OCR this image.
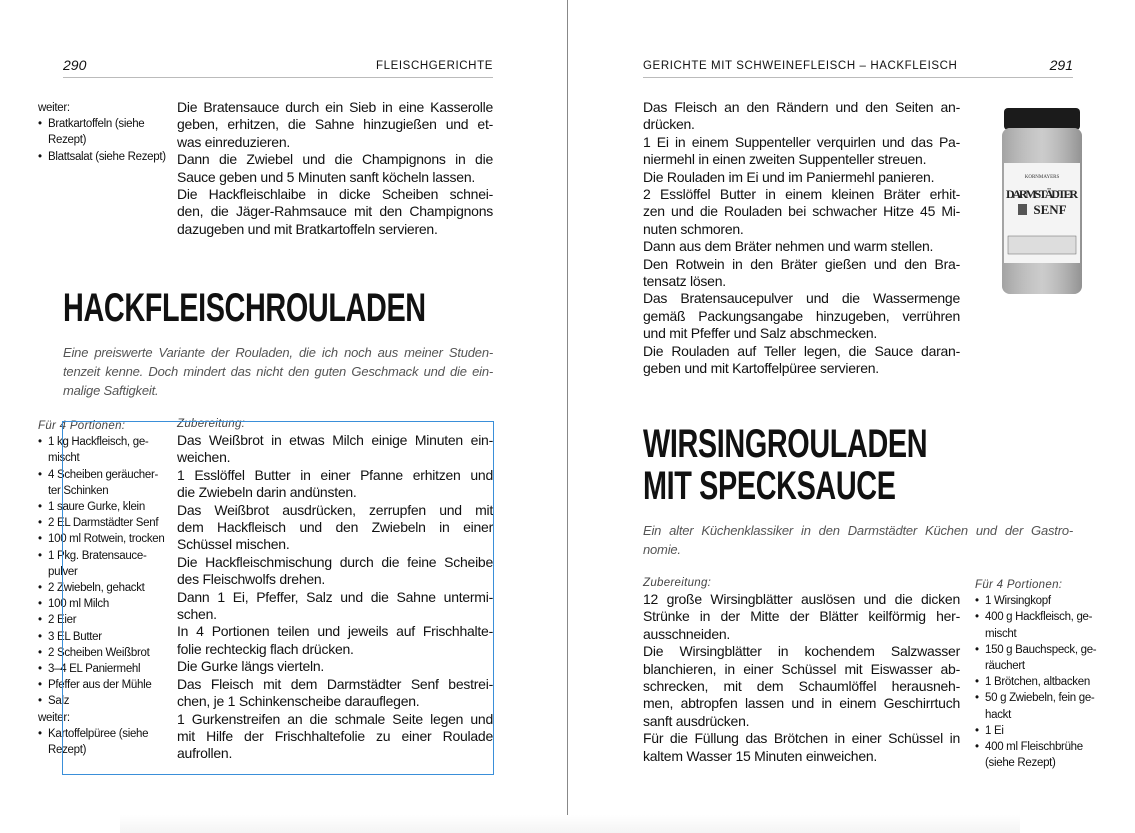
290	FLEISCHGERICHTE
weiter:
• Bratkartoffeln (siehe
Rezept)
• Blattsalat (siehe Rezept)
Die Bratensauce durch ein Sieb in eine Kasserolle
geben, erhitzen, die Sahne hinzugießen und et-
was einreduzieren.
Dann die Zwiebel und die Champignons in die
Sauce geben und 5 Minuten sanft köcheln lassen.
Die Hackfleischlaibe in dicke Scheiben schnei-
den, die Jäger-Rahmsauce mit den Champignons
dazugeben und mit Bratkartoffeln servieren.
HACKFLEISCHROULADEN
Eine preiswerte Variante der Rouladen, die ich noch aus meiner Studen-
tenzeit kenne. Doch mindert das nicht den guten Geschmack und die ein-
malige Saftigkeit.
Für 4 Portionen:
• 1 kg Hackfleisch, ge-
mischt
• 4 Scheiben geräucher-
ter Schinken
• 1 saure Gurke, klein
• 2 EL Darmstädter Senf
• 100 ml Rotwein, trocken
• 1 Pkg. Bratensauce-
pulver
• 2 Zwiebeln, gehackt
• 100 ml Milch
• 2 Eier
• 3 EL Butter
• 2 Scheiben Weißbrot
• 3–4 EL Paniermehl
• Pfeffer aus der Mühle
• Salz
weiter:
• Kartoffelpüree (siehe
Rezept)
Zubereitung:
Das Weißbrot in etwas Milch einige Minuten ein-
weichen.
1 Esslöffel Butter in einer Pfanne erhitzen und
die Zwiebeln darin andünsten.
Das Weißbrot ausdrücken, zerrupfen und mit
dem Hackfleisch und den Zwiebeln in einer
Schüssel mischen.
Die Hackfleischmischung durch die feine Scheibe
des Fleischwolfs drehen.
Dann 1 Ei, Pfeffer, Salz und die Sahne untermi-
schen.
In 4 Portionen teilen und jeweils auf Frischhalte-
folie rechteckig flach drücken.
Die Gurke längs vierteln.
Das Fleisch mit dem Darmstädter Senf bestrei-
chen, je 1 Schinkenscheibe darauflegen.
1 Gurkenstreifen an die schmale Seite legen und
mit Hilfe der Frischhaltefolie zu einer Roulade
aufrollen.
GERICHTE MIT SCHWEINEFLEISCH – HACKFLEISCH	291
Das Fleisch an den Rändern und den Seiten an-
drücken.
1 Ei in einem Suppenteller verquirlen und das Pa-
niermehl in einen zweiten Suppenteller streuen.
Die Rouladen im Ei und im Paniermehl panieren.
2 Esslöffel Butter in einem kleinen Bräter erhit-
zen und die Rouladen bei schwacher Hitze 45 Mi-
nuten schmoren.
Dann aus dem Bräter nehmen und warm stellen.
Den Rotwein in den Bräter gießen und den Bra-
tensatz lösen.
Das Bratensaucepulver und die Wassermenge
gemäß Packungsangabe hinzugeben, verrühren
und mit Pfeffer und Salz abschmecken.
Die Rouladen auf Teller legen, die Sauce daran-
geben und mit Kartoffelpüree servieren.
KORNMAYERS
DARMSTÄDTER
SENF
WIRSINGROULADEN
MIT SPECKSAUCE
Ein alter Küchenklassiker in den Darmstädter Küchen und der Gastro-
nomie.
Zubereitung:
12 große Wirsingblätter auslösen und die dicken
Strünke in der Mitte der Blätter keilförmig her-
ausschneiden.
Die Wirsingblätter in kochendem Salzwasser
blanchieren, in einer Schüssel mit Eiswasser ab-
schrecken, mit dem Schaumlöffel herausneh-
men, abtropfen lassen und in einem Geschirrtuch
sanft ausdrücken.
Für die Füllung das Brötchen in einer Schüssel in
kaltem Wasser 15 Minuten einweichen.
Für 4 Portionen:
• 1 Wirsingkopf
• 400 g Hackfleisch, ge-
mischt
• 150 g Bauchspeck, ge-
räuchert
• 1 Brötchen, altbacken
• 50 g Zwiebeln, fein ge-
hackt
• 1 Ei
• 400 ml Fleischbrühe
(siehe Rezept)
